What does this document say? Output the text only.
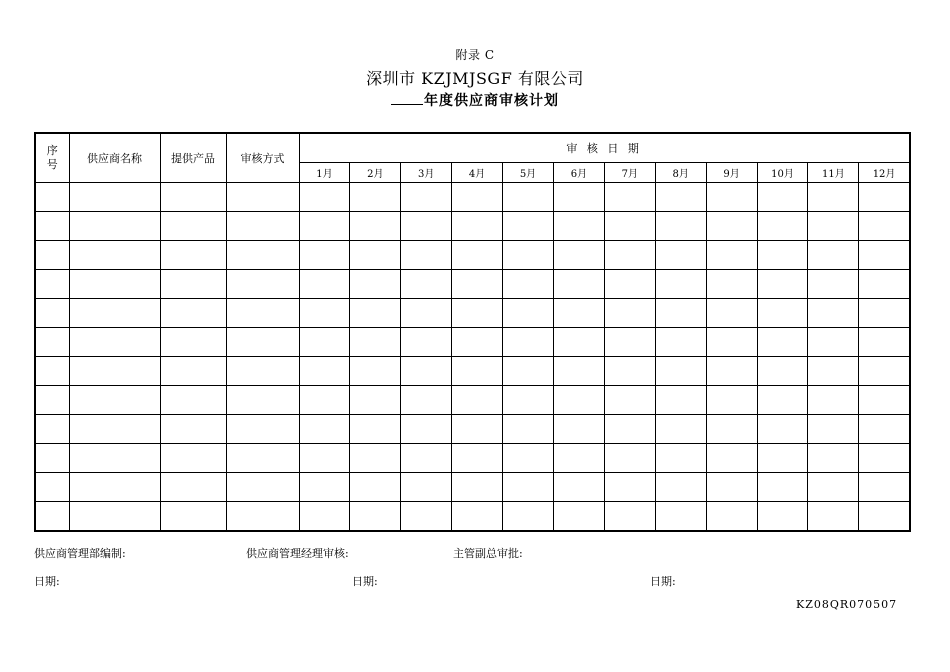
附录 C
深圳市 KZJMJSGF 有限公司
年度供应商审核计划
序号	供应商名称	提供产品	审核方式	审 核 日 期											
				1月	2月	3月	4月	5月	6月	7月	8月	9月	10月	11月	12月

供应商管理部编制:	供应商管理经理审核:	主管副总审批:
日期:	日期:	日期:
KZ08QR070507
